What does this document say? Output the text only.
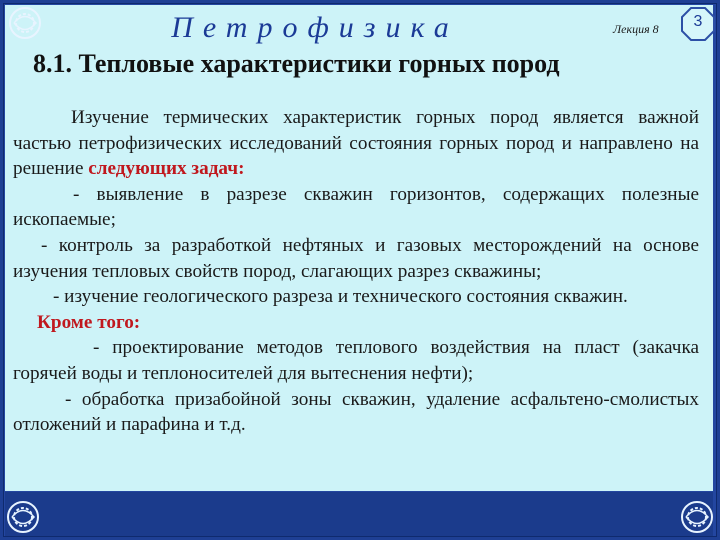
Петрофизика	Лекция 8	3
8.1. Тепловые характеристики горных пород

Изучение термических характеристик горных пород является важной частью петрофизических исследований состояния горных пород и направлено на решение следующих задач:

- выявление в разрезе скважин горизонтов, содержащих полезные ископаемые;

- контроль за разработкой нефтяных и газовых месторождений на основе изучения тепловых свойств пород, слагающих разрез скважины;

- изучение геологического разреза и технического состояния скважин.

Кроме того:

- проектирование методов теплового воздействия на пласт (закачка горячей воды и теплоносителей для вытеснения нефти);

- обработка призабойной зоны скважин, удаление асфальтено-смолистых отложений и парафина и т.д.
